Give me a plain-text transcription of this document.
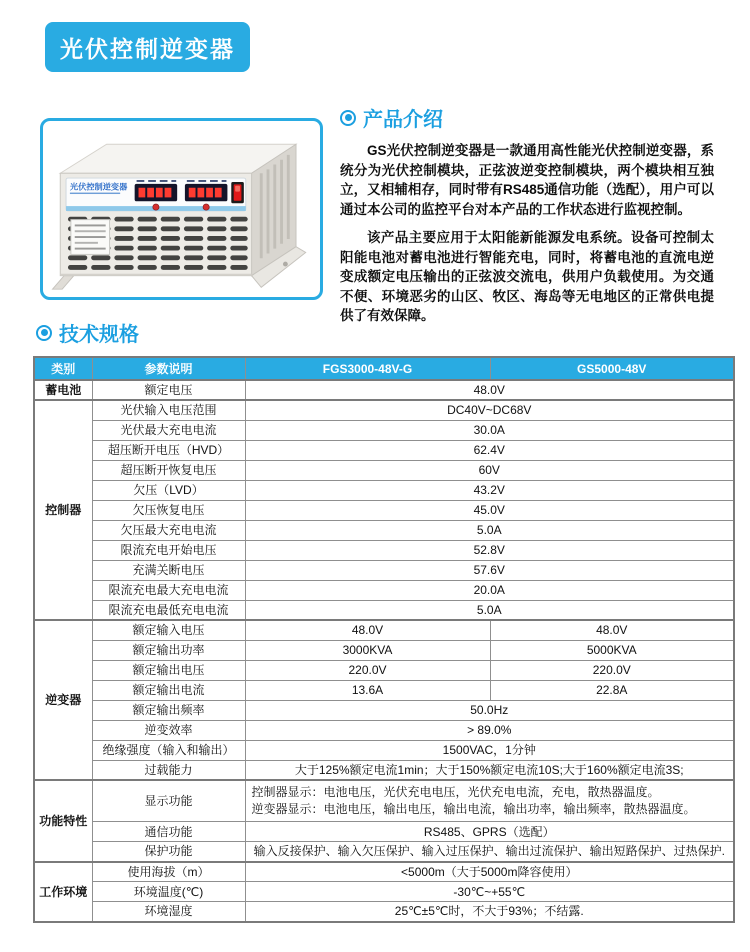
光伏控制逆变器
光伏控制逆变器
产品介绍

GS光伏控制逆变器是一款通用高性能光伏控制逆变器，系统分为光伏控制模块，正弦波逆变控制模块，两个模块相互独立，又相辅相存，同时带有RS485通信功能（选配），用户可以通过本公司的监控平台对本产品的工作状态进行监视控制。

该产品主要应用于太阳能新能源发电系统。设备可控制太阳能电池对蓄电池进行智能充电，同时，将蓄电池的直流电逆变成额定电压输出的正弦波交流电，供用户负载使用。为交通不便、环境恶劣的山区、牧区、海岛等无电地区的正常供电提供了有效保障。

技术规格
类别	参数说明	FGS3000-48V-G	GS5000-48V
蓄电池	额定电压	48.0V	
控制器	光伏输入电压范围	DC40V~DC68V	
	光伏最大充电电流	30.0A	
	超压断开电压（HVD）	62.4V	
	超压断开恢复电压	60V	
	欠压（LVD）	43.2V	
	欠压恢复电压	45.0V	
	欠压最大充电电流	5.0A	
	限流充电开始电压	52.8V	
	充满关断电压	57.6V	
	限流充电最大充电电流	20.0A	
	限流充电最低充电电流	5.0A	
逆变器	额定输入电压	48.0V	48.0V
	额定输出功率	3000KVA	5000KVA
	额定输出电压	220.0V	220.0V
	额定输出电流	13.6A	22.8A
	额定输出频率	50.0Hz	
	逆变效率	> 89.0%	
	绝缘强度（输入和输出）	1500VAC，1分钟	
	过载能力	大于125%额定电流1min；大于150%额定电流10S;大于160%额定电流3S;	
功能特性	显示功能	控制器显示：电池电压，光伏充电电压，光伏充电电流，充电，散热器温度。
逆变器显示：电池电压，输出电压，输出电流，输出功率，输出频率，散热器温度。	

	通信功能	RS485、GPRS（选配）	
	保护功能	输入反接保护、输入欠压保护、输入过压保护、输出过流保护、输出短路保护、过热保护.	
工作环境	使用海拔（m）	<5000m（大于5000m降容使用）	
	环境温度(℃)	-30℃~+55℃	
	环境湿度	25℃±5℃时，不大于93%；不结露.	
